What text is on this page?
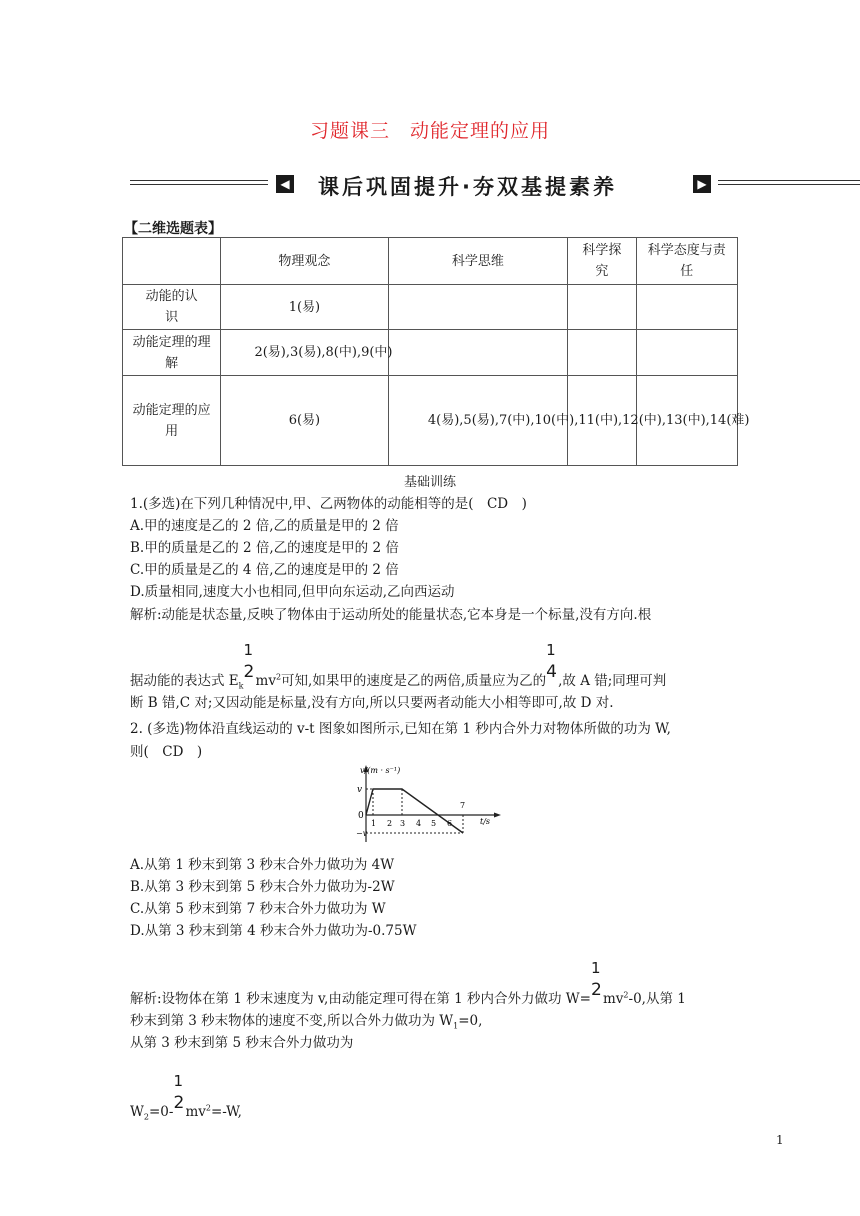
习题课三　动能定理的应用
◀ 课后巩固提升·夯双基提素养	▶
【二维选题表】
	物理观念	科学思维	科学探究	科学态度与责任

动能的认识	1(易)			

动能定理的理解	2(易),3(易),8(中),9(中)			

动能定理的应用	6(易)	4(易),5(易),7(中),10(中),11(中),12(中),13(中),14(难)		

基础训练
1.(多选)在下列几种情况中,甲、乙两物体的动能相等的是(　CD　)
A.甲的速度是乙的 2 倍,乙的质量是甲的 2 倍
B.甲的质量是乙的 2 倍,乙的速度是甲的 2 倍
C.甲的质量是乙的 4 倍,乙的速度是甲的 2 倍
D.质量相同,速度大小也相同,但甲向东运动,乙向西运动
解析:动能是状态量,反映了物体由于运动所处的能量状态,它本身是一个标量,没有方向.根
据动能的表达式 $E_k$
1
2 $mv^2$可知,如果甲的速度是乙的两倍,质量应为乙的
1
4 ,故 A 错;同理可判
断 B 错,C 对;又因动能是标量,没有方向,所以只要两者动能大小相等即可,故 D 对.
2. (多选)物体沿直线运动的 v-t 图象如图所示,已知在第 1 秒内合外力对物体所做的功为 W,
则(　CD　)
v/(m · s⁻¹)
t/s
0
v
−v
1 2 3 4 5 6
7
A.从第 1 秒末到第 3 秒末合外力做功为 4W
B.从第 3 秒末到第 5 秒末合外力做功为-2W
C.从第 5 秒末到第 7 秒末合外力做功为 W
D.从第 3 秒末到第 4 秒末合外力做功为-0.75W
解析:设物体在第 1 秒末速度为 v,由动能定理可得在第 1 秒内合外力做功 W=
1
2 $mv^2-0$,从第 1
秒末到第 3 秒末物体的速度不变,所以合外力做功为 $W_1=0$,
从第 3 秒末到第 5 秒末合外力做功为
$W_2=0-$
1
2 $mv^2=-W$,
1
